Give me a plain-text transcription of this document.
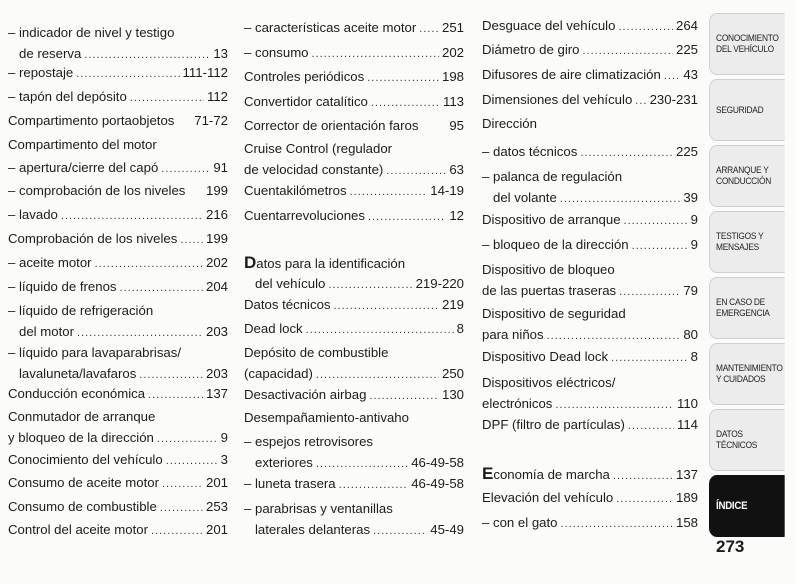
– indicador de nivel y testigo
de reserva .....	13
– repostaje .....	111-112
– tapón del depósito .....	112
Compartimento portaobjetos 71-72
Compartimento del motor
– apertura/cierre del capó .....	91
– comprobación de los niveles 199
– lavado .....	216
Comprobación de los niveles ..... 199
– aceite motor .....	202
– líquido de frenos .....	204
– líquido de refrigeración
del motor .....	203
– líquido para lavaparabrisas/
lavaluneta/lavafaros .....	203
Conducción económica .....	137
Conmutador de arranque
y bloqueo de la dirección .....	9
Conocimiento del vehículo .....	3
Consumo de aceite motor .....	201
Consumo de combustible .....	253
Control del aceite motor .....	201
– características aceite motor ..... 251
– consumo .....	202
Controles periódicos .....	198
Convertidor catalítico .....	113
Corrector de orientación faros 95
Cruise Control (regulador
de velocidad constante) .....	63
Cuentakilómetros .....	14-19
Cuentarrevoluciones .....	12
Datos para la identificación
del vehículo .....	219-220
Datos técnicos .....	219
Dead lock .....	8
Depósito de combustible
(capacidad) .....	250
Desactivación airbag .....	130
Desempañamiento-antivaho
– espejos retrovisores
exteriores .....	46-49-58
– luneta trasera .....	46-49-58
– parabrisas y ventanillas
laterales delanteras .....	45-49
Desguace del vehículo .....	264
Diámetro de giro .....	225
Difusores de aire climatización ..... 43
Dimensiones del vehículo ..... 230-231
Dirección
– datos técnicos .....	225
– palanca de regulación
del volante .....	39
Dispositivo de arranque .....	9
– bloqueo de la dirección .....	9
Dispositivo de bloqueo
de las puertas traseras .....	79
Dispositivo de seguridad
para niños .....	80
Dispositivo Dead lock .....	8
Dispositivos eléctricos/
electrónicos .....	110
DPF (filtro de partículas) .....	114
Economía de marcha .....	137
Elevación del vehículo .....	189
– con el gato .....	158
CONOCIMIENTO DEL VEHÍCULO
SEGURIDAD
ARRANQUE Y CONDUCCIÓN
TESTIGOS Y MENSAJES
EN CASO DE EMERGENCIA
MANTENIMIENTO Y CUIDADOS
DATOS TÉCNICOS
ÍNDICE
273
